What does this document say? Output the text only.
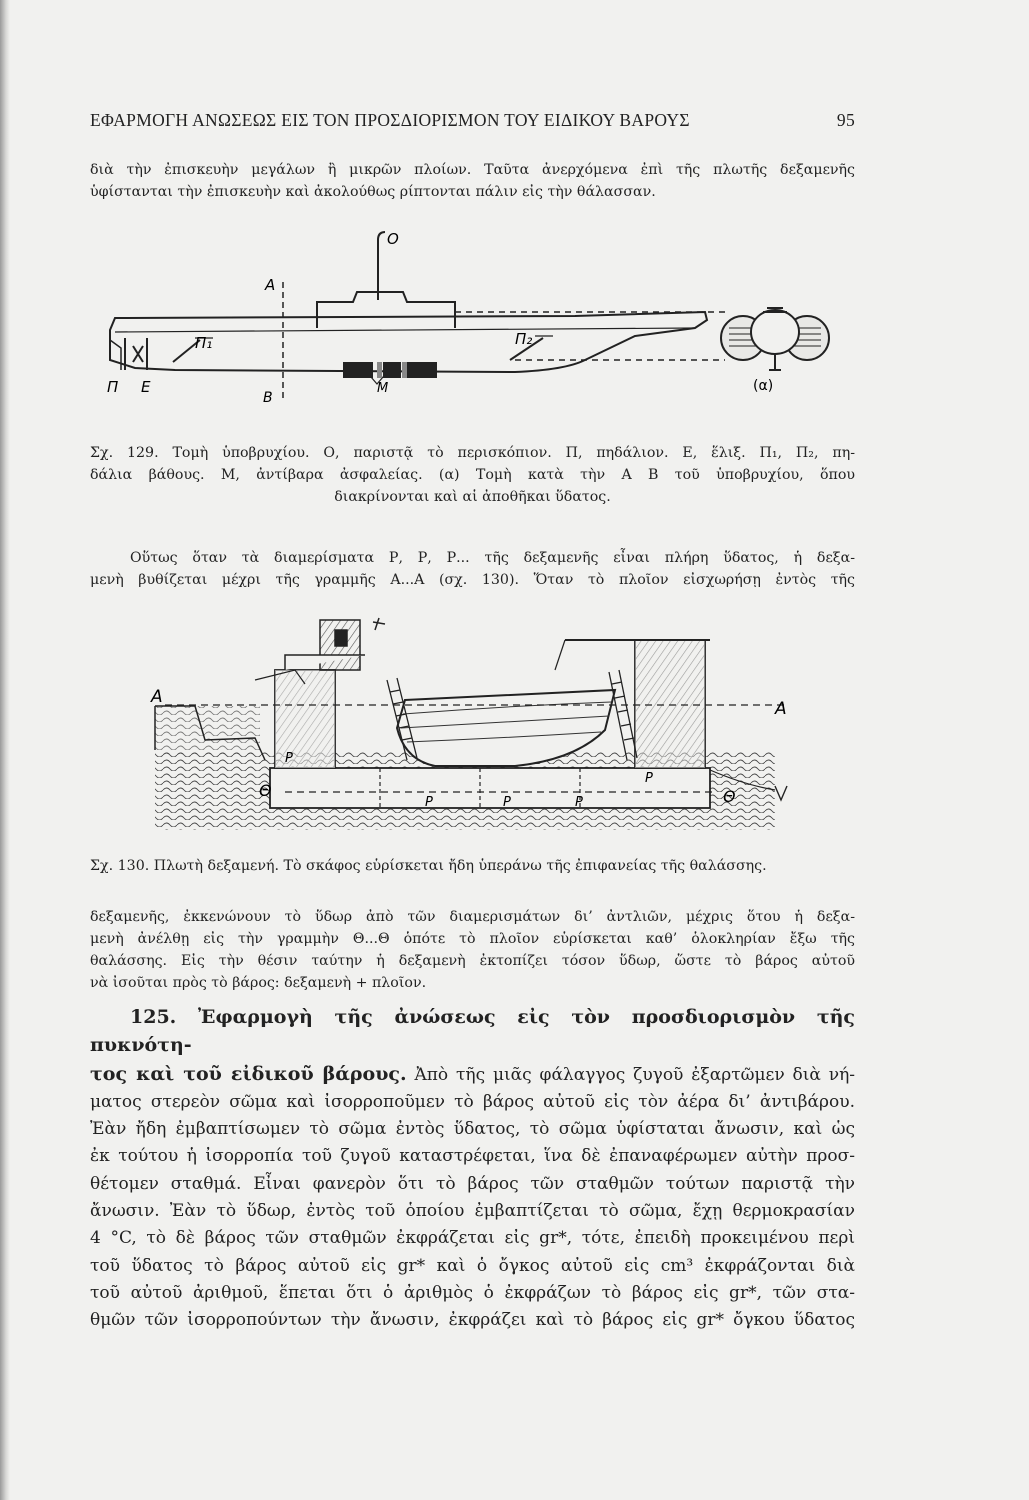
ΕΦΑΡΜΟΓΗ ΑΝΩΣΕΩΣ ΕΙΣ ΤΟΝ ΠΡΟΣΔΙΟΡΙΣΜΟΝ ΤΟΥ ΕΙΔΙΚΟΥ ΒΑΡΟΥΣ	95

διὰ τὴν ἐπισκευὴν μεγάλων ἢ μικρῶν πλοίων. Ταῦτα ἀνερχόμενα ἐπὶ τῆς πλωτῆς δεξαμενῆς

ὑφίστανται τὴν ἐπισκευὴν καὶ ἀκολούθως ρίπτονται πάλιν εἰς τὴν θάλασσαν.

O
A
B
Π₁	Π₂
M
Π E	(α)

Σχ. 129. Τομὴ ὑποβρυχίου. Ο, παριστᾷ τὸ περισκόπιον. Π, πηδάλιον. Ε, ἕλιξ. Π₁, Π₂, πη-
δάλια βάθους. Μ, ἀντίβαρα ἀσφαλείας. (α) Τομὴ κατὰ τὴν Α Β τοῦ ὑποβρυχίου, ὅπου
διακρίνονται καὶ αἱ ἀποθῆκαι ὕδατος.

Οὕτως ὅταν τὰ διαμερίσματα Ρ, Ρ, Ρ... τῆς δεξαμενῆς εἶναι πλήρη ὕδατος, ἡ δεξα-

μενὴ βυθίζεται μέχρι τῆς γραμμῆς Α...Α (σχ. 130). Ὅταν τὸ πλοῖον εἰσχωρήσῃ ἐντὸς τῆς

A
A
Θ	Θ
P
P	P	P
P

Σχ. 130. Πλωτὴ δεξαμενή. Τὸ σκάφος εὑρίσκεται ἤδη ὑπεράνω τῆς ἐπιφανείας τῆς θαλάσσης.

δεξαμενῆς, ἐκκενώνουν τὸ ὕδωρ ἀπὸ τῶν διαμερισμάτων δι’ ἀντλιῶν, μέχρις ὅτου ἡ δεξα-

μενὴ ἀνέλθῃ εἰς τὴν γραμμὴν Θ...Θ ὁπότε τὸ πλοῖον εὑρίσκεται καθ’ ὁλοκληρίαν ἔξω τῆς

θαλάσσης. Εἰς τὴν θέσιν ταύτην ἡ δεξαμενὴ ἐκτοπίζει τόσον ὕδωρ, ὥστε τὸ βάρος αὐτοῦ

νὰ ἰσοῦται πρὸς τὸ βάρος: δεξαμενὴ + πλοῖον.

125. Ἐφαρμογὴ τῆς ἀνώσεως εἰς τὸν προσδιορισμὸν τῆς πυκνότη-
τος καὶ τοῦ εἰδικοῦ βάρους. Ἀπὸ τῆς μιᾶς φάλαγγος ζυγοῦ ἐξαρτῶμεν διὰ νή-
ματος στερεὸν σῶμα καὶ ἰσορροποῦμεν τὸ βάρος αὐτοῦ εἰς τὸν ἀέρα δι’ ἀντιβάρου.
Ἐὰν ἤδη ἐμβαπτίσωμεν τὸ σῶμα ἐντὸς ὕδατος, τὸ σῶμα ὑφίσταται ἄνωσιν, καὶ ὡς
ἐκ τούτου ἡ ἰσορροπία τοῦ ζυγοῦ καταστρέφεται, ἵνα δὲ ἐπαναφέρωμεν αὐτὴν προσ-
θέτομεν σταθμά. Εἶναι φανερὸν ὅτι τὸ βάρος τῶν σταθμῶν τούτων παριστᾷ τὴν
ἄνωσιν. Ἐὰν τὸ ὕδωρ, ἐντὸς τοῦ ὁποίου ἐμβαπτίζεται τὸ σῶμα, ἔχῃ θερμοκρασίαν
4 °C, τὸ δὲ βάρος τῶν σταθμῶν ἐκφράζεται εἰς gr*, τότε, ἐπειδὴ προκειμένου περὶ
τοῦ ὕδατος τὸ βάρος αὐτοῦ εἰς gr* καὶ ὁ ὄγκος αὐτοῦ εἰς cm³ ἐκφράζονται διὰ
τοῦ αὐτοῦ ἀριθμοῦ, ἕπεται ὅτι ὁ ἀριθμὸς ὁ ἐκφράζων τὸ βάρος εἰς gr*, τῶν στα-
θμῶν τῶν ἰσορροπούντων τὴν ἄνωσιν, ἐκφράζει καὶ τὸ βάρος εἰς gr* ὄγκου ὕδατος
